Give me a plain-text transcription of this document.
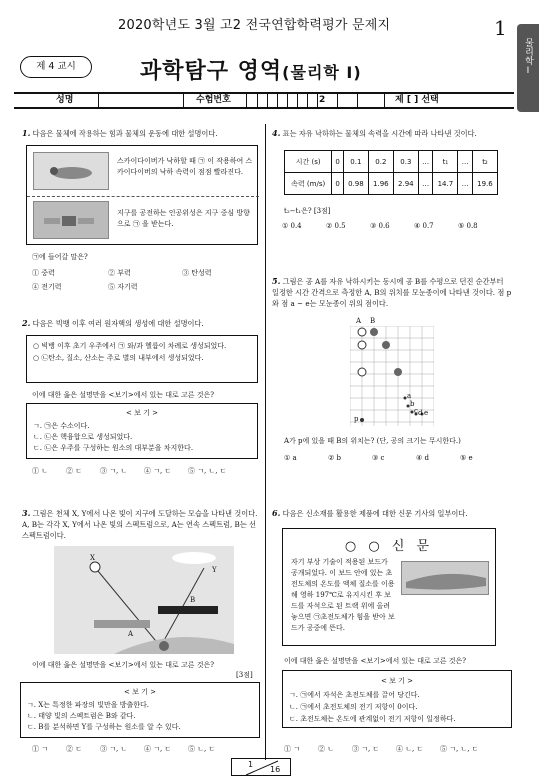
2020학년도 3월 고2 전국연합학력평가 문제지	1
물리학
Ⅰ
제 4 교시	과학탐구 영역(물리학 Ⅰ)
성명	수험번호	2	제 [ ] 선택
1. 다음은 물체에 작용하는 힘과 물체의 운동에 대한 설명이다.
스카이다이버가 낙하할 때 ㉠ 이 작용하여 스카이다이버의 낙하 속력이 점점 빨라진다.
지구를 공전하는 인공위성은 지구 중심 방향으로 ㉠ 을 받는다.
㉠에 들어갈 말은?
① 중력	② 부력	③ 탄성력
④ 전기력	⑤ 자기력
2. 다음은 빅뱅 이후 여러 원자핵의 생성에 대한 설명이다.
○ 빅뱅 이후 초기 우주에서 ㉠ 와/과 헬륨이 차례로 생성되었다.
○ ㉡탄소, 질소, 산소는 주로 별의 내부에서 생성되었다.
이에 대한 옳은 설명만을 <보기>에서 있는 대로 고른 것은?
< 보 기 >
ㄱ. ㉠은 수소이다.
ㄴ. ㉡은 핵융합으로 생성되었다.
ㄷ. ㉡은 우주를 구성하는 원소의 대부분을 차지한다.
① ㄴ	② ㄷ	③ ㄱ, ㄴ ④ ㄱ, ㄷ ⑤ ㄱ, ㄴ, ㄷ
3. 그림은 천체 X, Y에서 나온 빛이 지구에 도달하는 모습을 나타낸 것이다. A, B는 각각 X, Y에서 나온 빛의 스펙트럼으로, A는 연속 스펙트럼, B는 선 스펙트럼이다.
X
Y
A
B
이에 대한 옳은 설명만을 <보기>에서 있는 대로 고른 것은?
[3점]
< 보 기 >
ㄱ. X는 특정한 파장의 빛만을 방출한다.
ㄴ. 태양 빛의 스펙트럼은 B와 같다.
ㄷ. B를 분석하면 Y를 구성하는 원소를 알 수 있다.
① ㄱ	② ㄷ	③ ㄱ, ㄴ ④ ㄱ, ㄷ ⑤ ㄴ, ㄷ
4. 표는 자유 낙하하는 물체의 속력을 시간에 따라 나타낸 것이다.
시간 (s)	0	0.1	0.2	0.3	…	t₁	…	t₂
속력 (m/s)	0	0.98	1.96	2.94	…	14.7	…	19.6
t₂−t₁은? [3점]
① 0.4	② 0.5	③ 0.6	④ 0.7	⑤ 0.8
5. 그림은 공 A를 자유 낙하시키는 동시에 공 B를 수평으로 던진 순간부터 일정한 시간 간격으로 측정한 A, B의 위치를 모눈종이에 나타낸 것이다. 점 p와 점 a ~ e는 모눈종이 위의 점이다.
A B
p
a
b
c d e
A가 p에 있을 때 B의 위치는? (단, 공의 크기는 무시한다.)
① a	② b	③ c	④ d	⑤ e
6. 다음은 신소재를 활용한 제품에 대한 신문 기사의 일부이다.
○ ○ 신 문
자기 부상 기술이 적용된 보드가 공개되었다. 이 보드 안에 있는 초전도체의 온도를 액체 질소를 이용해 영하 197℃로 유지시킨 후 보드를 자석으로 된 트랙 위에 올려놓으면 ㉠초전도체가 힘을 받아 보드가 공중에 뜬다.
이에 대한 옳은 설명만을 <보기>에서 있는 대로 고른 것은?
< 보 기 >
ㄱ. ㉠에서 자석은 초전도체를 끌어 당긴다.
ㄴ. ㉠에서 초전도체의 전기 저항이 0이다.
ㄷ. 초전도체는 온도에 관계없이 전기 저항이 일정하다.
① ㄱ	② ㄴ	③ ㄱ, ㄷ ④ ㄴ, ㄷ ⑤ ㄱ, ㄴ, ㄷ
1
16
